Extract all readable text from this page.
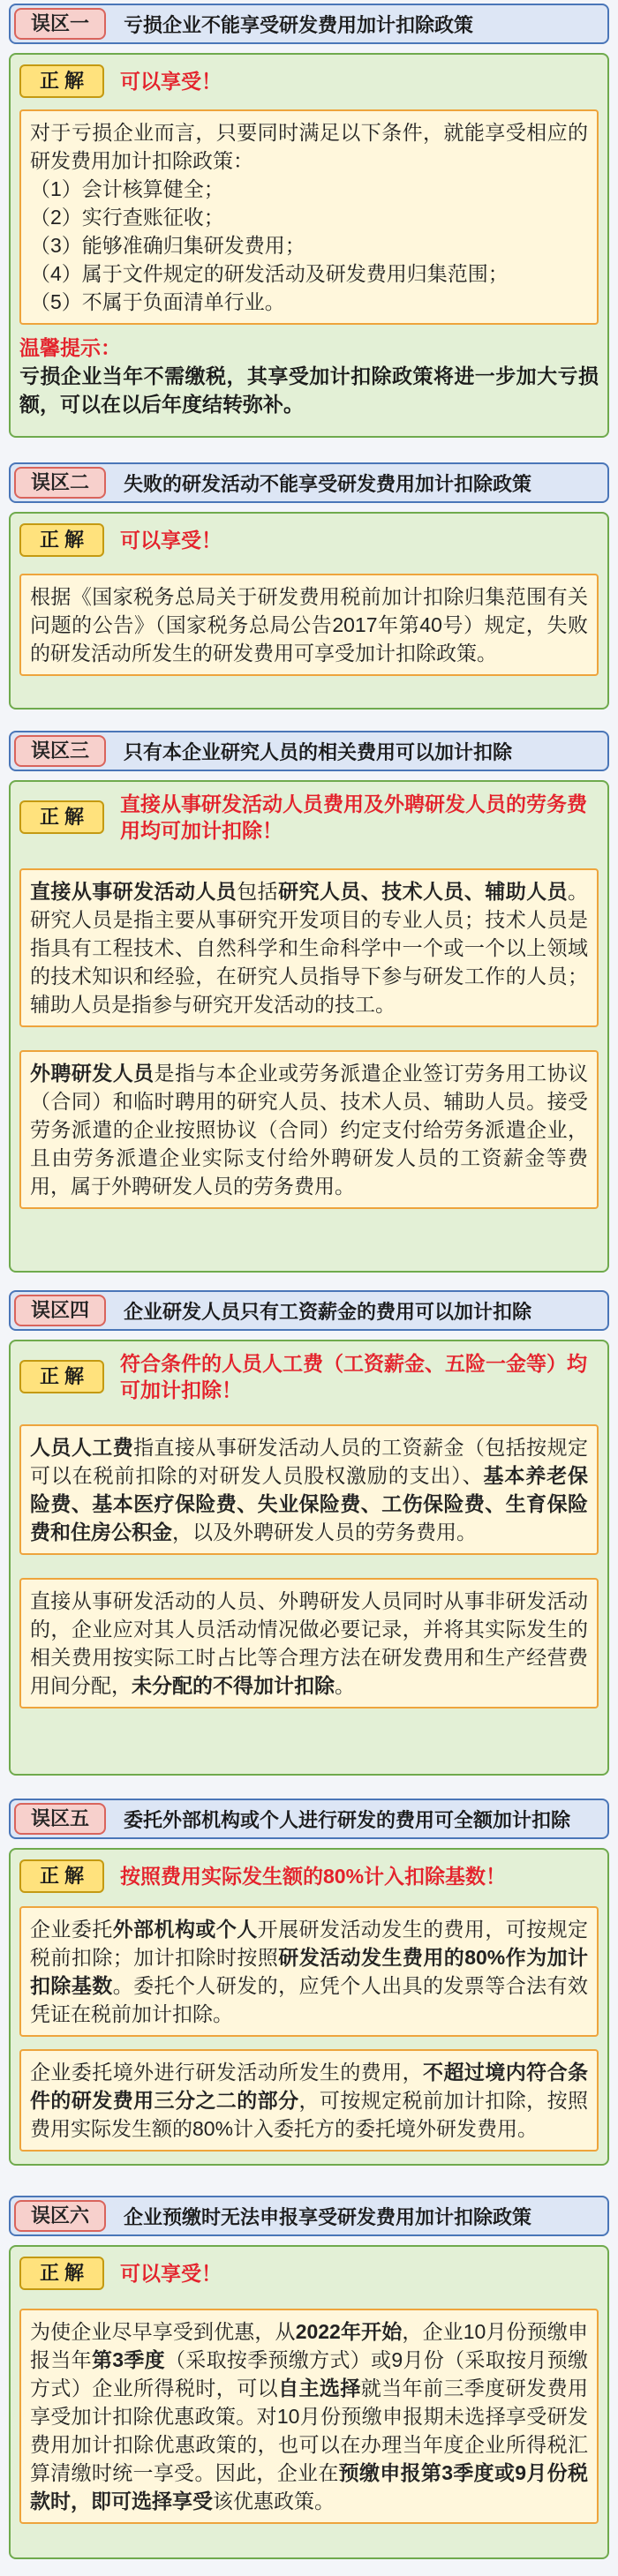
误区一	亏损企业不能享受研发费用加计扣除政策
正 解	可以享受！
对于亏损企业而言，只要同时满足以下条件，就能享受相应的研发费用加计扣除政策：
（1）会计核算健全；
（2）实行查账征收；
（3）能够准确归集研发费用；
（4）属于文件规定的研发活动及研发费用归集范围；
（5）不属于负面清单行业。
温馨提示：
亏损企业当年不需缴税，其享受加计扣除政策将进一步加大亏损额，可以在以后年度结转弥补。
误区二	失败的研发活动不能享受研发费用加计扣除政策
正 解	可以享受！
根据《国家税务总局关于研发费用税前加计扣除归集范围有关问题的公告》（国家税务总局公告2017年第40号）规定，失败的研发活动所发生的研发费用可享受加计扣除政策。
误区三	只有本企业研究人员的相关费用可以加计扣除
正 解
直接从事研发活动人员费用及外聘研发人员的劳务费用均可加计扣除！
直接从事研发活动人员包括研究人员、技术人员、辅助人员。研究人员是指主要从事研究开发项目的专业人员；技术人员是指具有工程技术、自然科学和生命科学中一个或一个以上领域的技术知识和经验，在研究人员指导下参与研发工作的人员；辅助人员是指参与研究开发活动的技工。
外聘研发人员是指与本企业或劳务派遣企业签订劳务用工协议（合同）和临时聘用的研究人员、技术人员、辅助人员。接受劳务派遣的企业按照协议（合同）约定支付给劳务派遣企业，且由劳务派遣企业实际支付给外聘研发人员的工资薪金等费用，属于外聘研发人员的劳务费用。
误区四	企业研发人员只有工资薪金的费用可以加计扣除
正 解
符合条件的人员人工费（工资薪金、五险一金等）均可加计扣除！
人员人工费指直接从事研发活动人员的工资薪金（包括按规定可以在税前扣除的对研发人员股权激励的支出）、基本养老保险费、基本医疗保险费、失业保险费、工伤保险费、生育保险费和住房公积金，以及外聘研发人员的劳务费用。
直接从事研发活动的人员、外聘研发人员同时从事非研发活动的，企业应对其人员活动情况做必要记录，并将其实际发生的相关费用按实际工时占比等合理方法在研发费用和生产经营费用间分配，未分配的不得加计扣除。
误区五	委托外部机构或个人进行研发的费用可全额加计扣除
正 解	按照费用实际发生额的80%计入扣除基数！
企业委托外部机构或个人开展研发活动发生的费用，可按规定税前扣除；加计扣除时按照研发活动发生费用的80%作为加计扣除基数。委托个人研发的，应凭个人出具的发票等合法有效凭证在税前加计扣除。
企业委托境外进行研发活动所发生的费用，不超过境内符合条件的研发费用三分之二的部分，可按规定税前加计扣除，按照费用实际发生额的80%计入委托方的委托境外研发费用。
误区六	企业预缴时无法申报享受研发费用加计扣除政策
正 解	可以享受！
为使企业尽早享受到优惠，从2022年开始，企业10月份预缴申报当年第3季度（采取按季预缴方式）或9月份（采取按月预缴方式）企业所得税时，可以自主选择就当年前三季度研发费用享受加计扣除优惠政策。对10月份预缴申报期未选择享受研发费用加计扣除优惠政策的，也可以在办理当年度企业所得税汇算清缴时统一享受。因此，企业在预缴申报第3季度或9月份税款时，即可选择享受该优惠政策。
